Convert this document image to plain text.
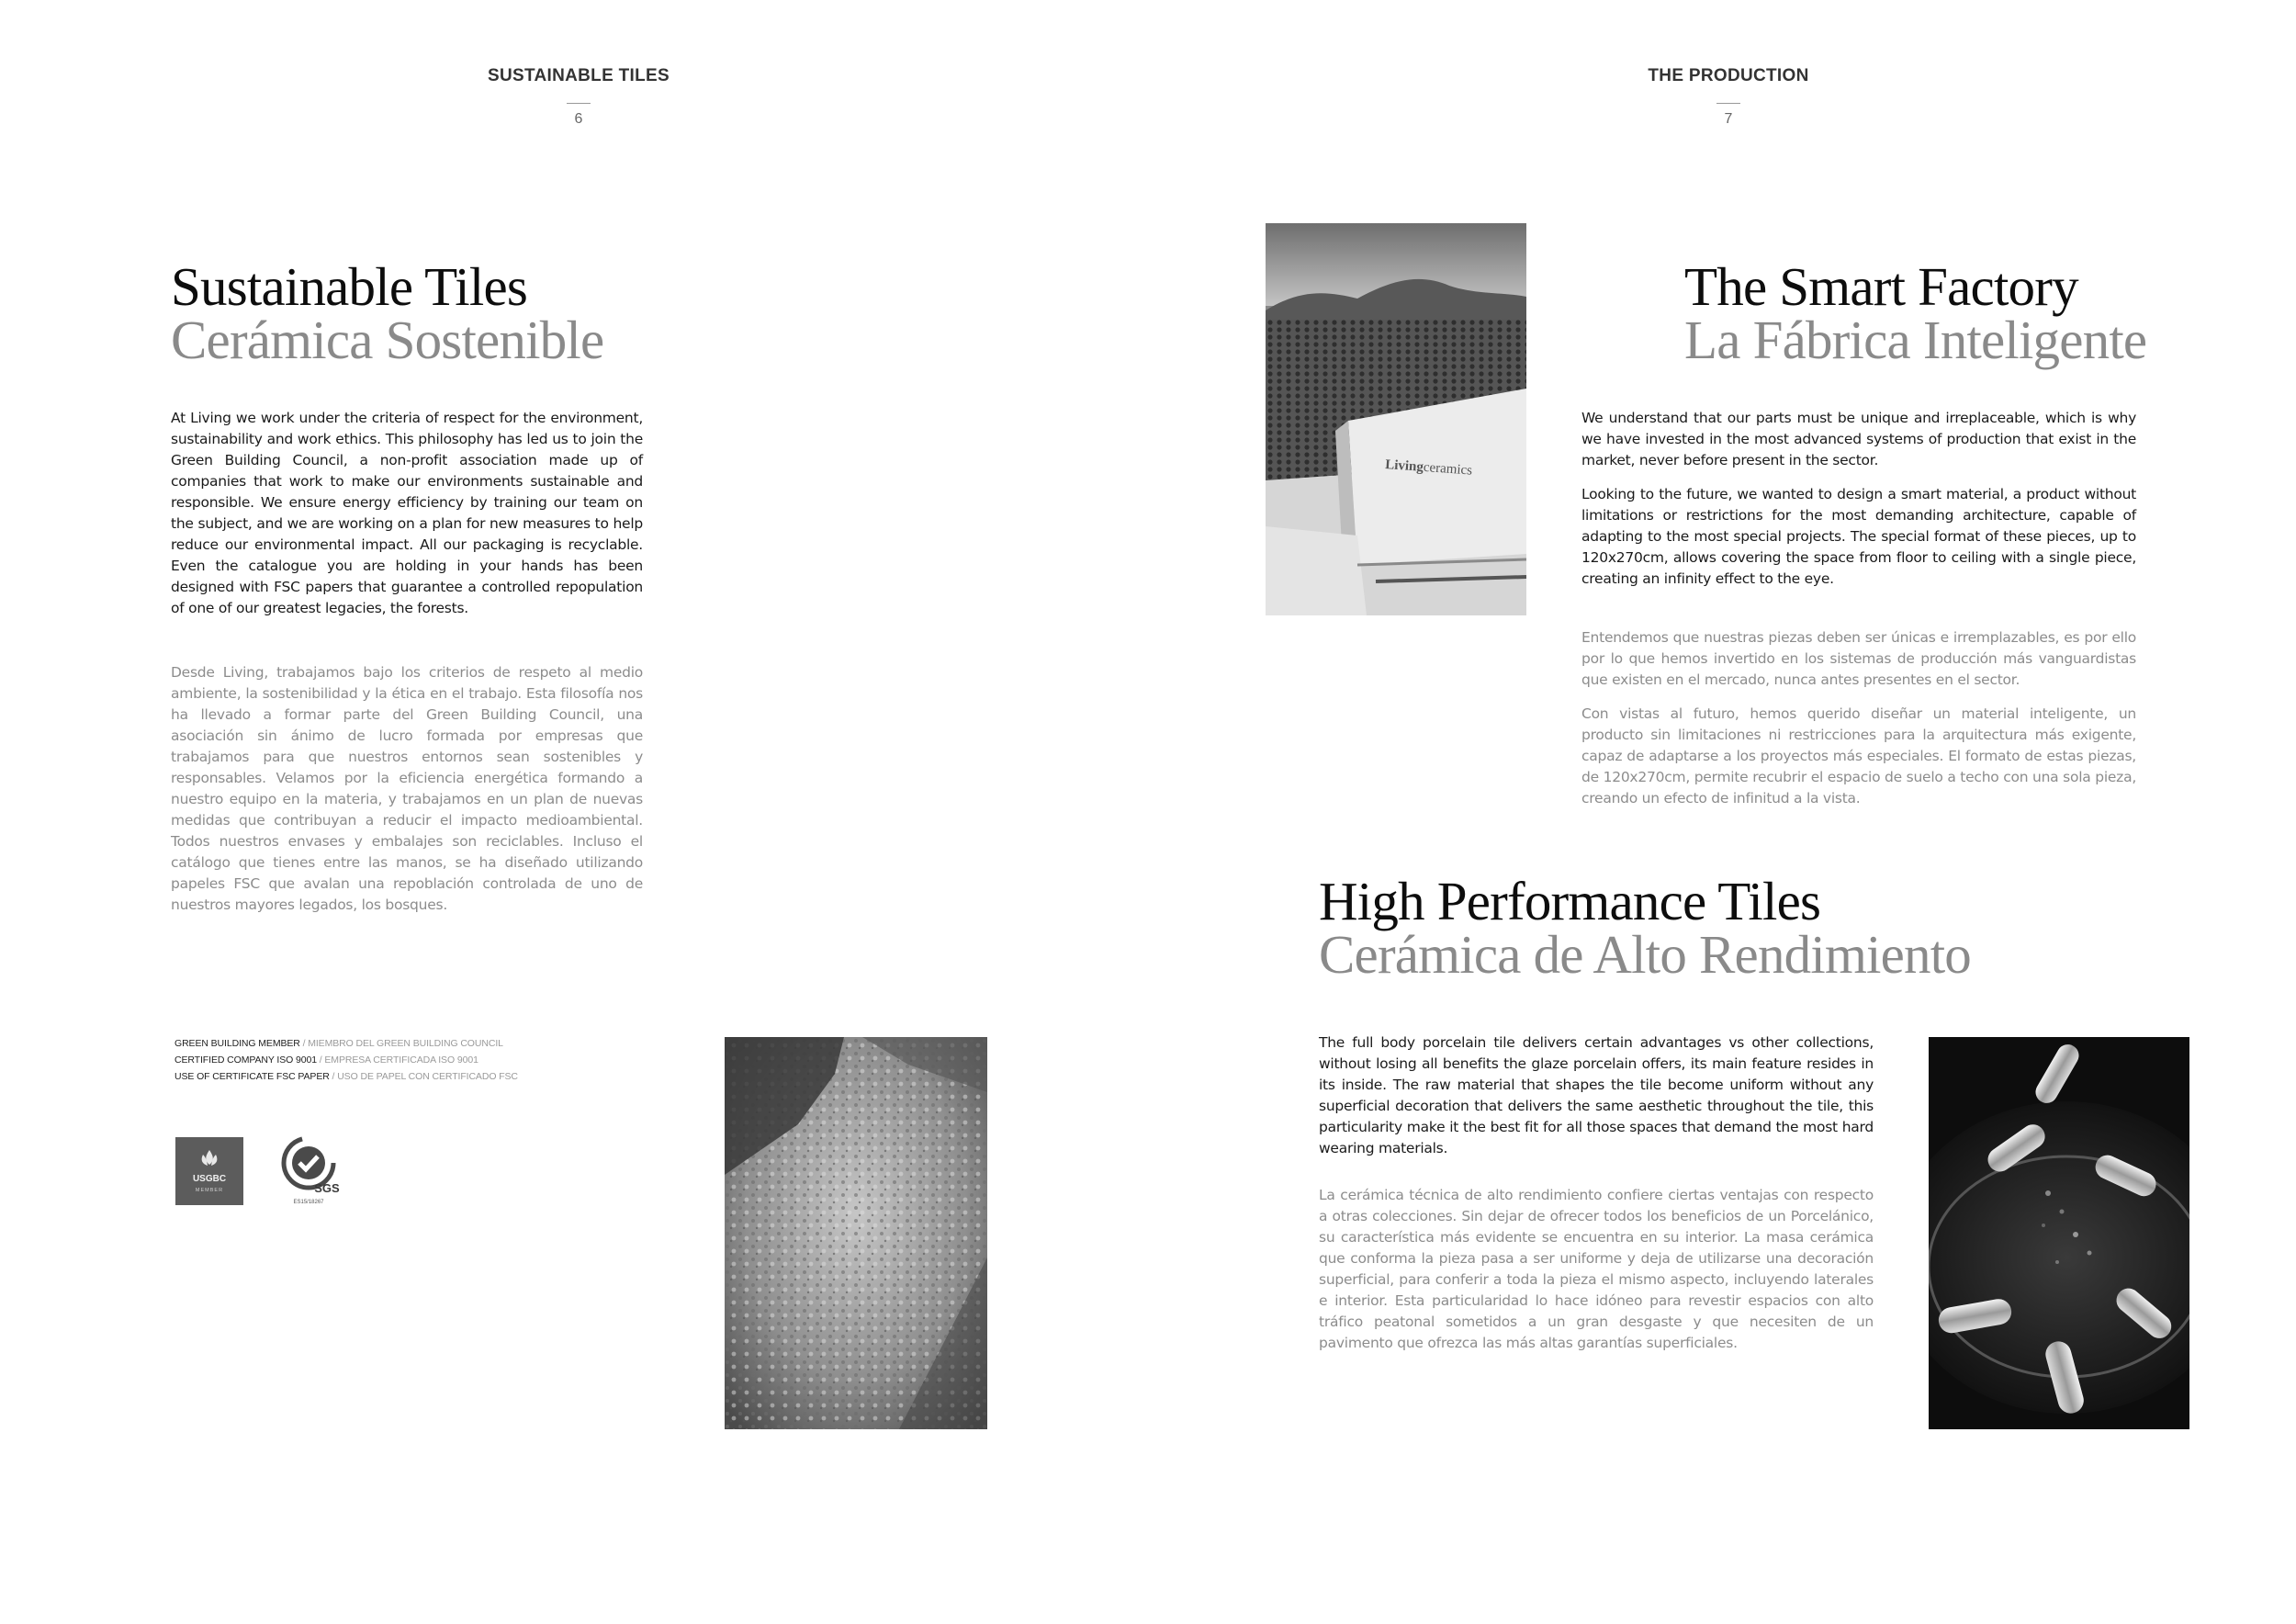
SUSTAINABLE TILES
6
Sustainable Tiles
Cerámica Sostenible
At Living we work under the criteria of respect for the environment, sustainability and work ethics. This philosophy has led us to join the Green Building Council, a non-profit association made up of companies that work to make our environments sustainable and responsible. We ensure energy efficiency by training our team on the subject, and we are working on a plan for new measures to help reduce our environmental impact. All our packaging is recyclable. Even the catalogue you are holding in your hands has been designed with FSC papers that guarantee a controlled repopulation of one of our greatest legacies, the forests.
Desde Living, trabajamos bajo los criterios de respeto al medio ambiente, la sostenibilidad y la ética en el trabajo. Esta filosofía nos ha llevado a formar parte del Green Building Council, una asociación sin ánimo de lucro formada por empresas que trabajamos para que nuestros entornos sean sostenibles y responsables. Velamos por la eficiencia energética formando a nuestro equipo en la materia, y trabajamos en un plan de nuevas medidas que contribuyan a reducir el impacto medioambiental. Todos nuestros envases y embalajes son reciclables. Incluso el catálogo que tienes entre las manos, se ha diseñado utilizando papeles FSC que avalan una repoblación controlada de uno de nuestros mayores legados, los bosques.
GREEN BUILDING MEMBER / MIEMBRO DEL GREEN BUILDING COUNCIL
CERTIFIED COMPANY ISO 9001 / EMPRESA CERTIFICADA ISO 9001
USE OF CERTIFICATE FSC PAPER / USO DE PAPEL CON CERTIFICADO FSC
USGBC
MEMBER	SGS
ES15/18267
THE PRODUCTION
7
Livingceramics
The Smart Factory
La Fábrica Inteligente

We understand that our parts must be unique and irreplaceable, which is why we have invested in the most advanced systems of production that exist in the market, never before present in the sector.

Looking to the future, we wanted to design a smart material, a product without limitations or restrictions for the most demanding architecture, capable of adapting to the most special projects. The special format of these pieces, up to 120x270cm, allows covering the space from floor to ceiling with a single piece, creating an infinity effect to the eye.

Entendemos que nuestras piezas deben ser únicas e irremplazables, es por ello por lo que hemos invertido en los sistemas de producción más vanguardistas que existen en el mercado, nunca antes presentes en el sector.

Con vistas al futuro, hemos querido diseñar un material inteligente, un producto sin limitaciones ni restricciones para la arquitectura más exigente, capaz de adaptarse a los proyectos más especiales. El formato de estas piezas, de 120x270cm, permite recubrir el espacio de suelo a techo con una sola pieza, creando un efecto de infinitud a la vista.

High Performance Tiles
Cerámica de Alto Rendimiento
The full body porcelain tile delivers certain advantages vs other collections, without losing all benefits the glaze porcelain offers, its main feature resides in its inside. The raw material that shapes the tile become uniform without any superficial decoration that delivers the same aesthetic throughout the tile, this particularity make it the best fit for all those spaces that demand the most hard wearing materials.
La cerámica técnica de alto rendimiento confiere ciertas ventajas con respecto a otras colecciones. Sin dejar de ofrecer todos los beneficios de un Porcelánico, su característica más evidente se encuentra en su interior. La masa cerámica que conforma la pieza pasa a ser uniforme y deja de utilizarse una decoración superficial, para conferir a toda la pieza el mismo aspecto, incluyendo laterales e interior. Esta particularidad lo hace idóneo para revestir espacios con alto tráfico peatonal sometidos a un gran desgaste y que necesiten de un pavimento que ofrezca las más altas garantías superficiales.
